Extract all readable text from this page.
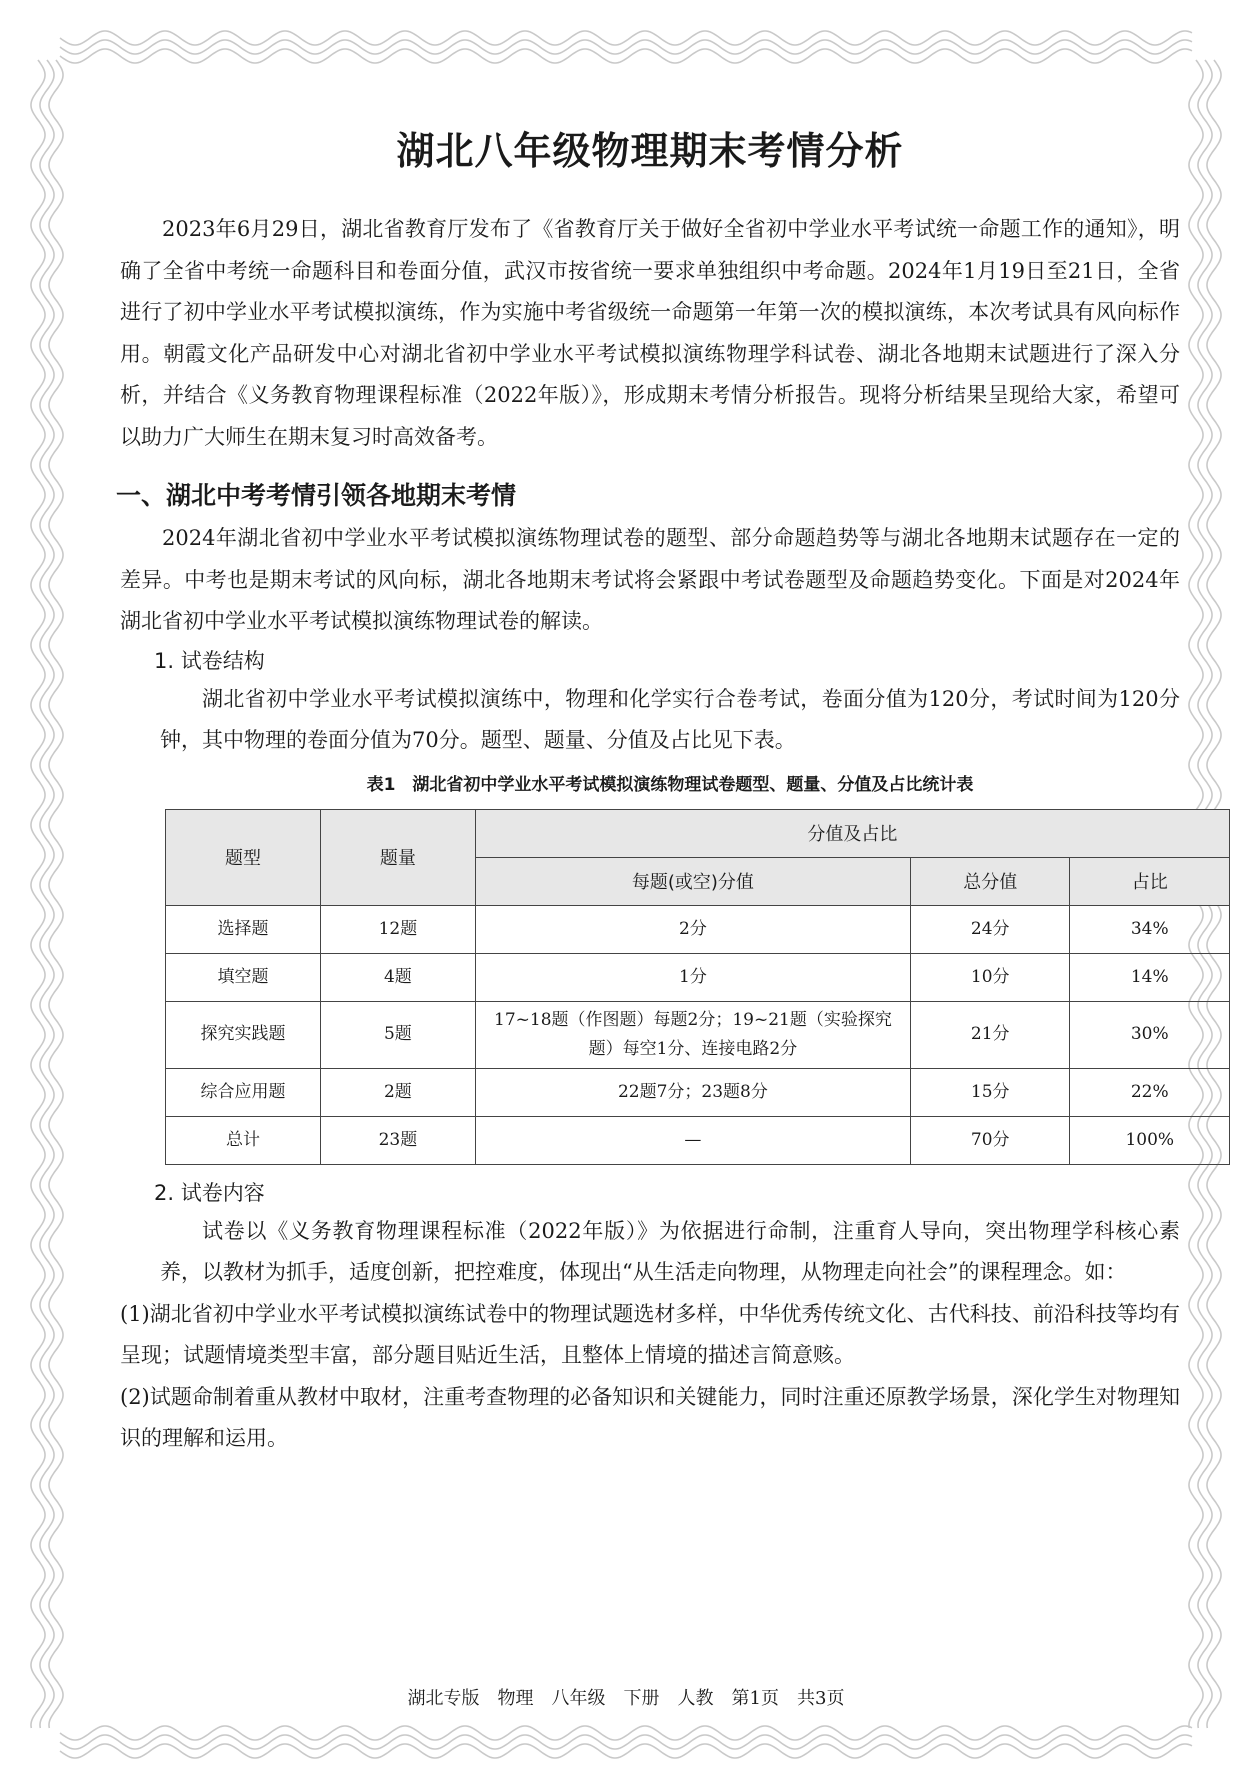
湖北八年级物理期末考情分析

2023年6月29日，湖北省教育厅发布了《省教育厅关于做好全省初中学业水平考试统一命题工作的通知》，明确了全省中考统一命题科目和卷面分值，武汉市按省统一要求单独组织中考命题。2024年1月19日至21日，全省进行了初中学业水平考试模拟演练，作为实施中考省级统一命题第一年第一次的模拟演练，本次考试具有风向标作用。朝霞文化产品研发中心对湖北省初中学业水平考试模拟演练物理学科试卷、湖北各地期末试题进行了深入分析，并结合《义务教育物理课程标准（2022年版）》，形成期末考情分析报告。现将分析结果呈现给大家，希望可以助力广大师生在期末复习时高效备考。

一、湖北中考考情引领各地期末考情

2024年湖北省初中学业水平考试模拟演练物理试卷的题型、部分命题趋势等与湖北各地期末试题存在一定的差异。中考也是期末考试的风向标，湖北各地期末考试将会紧跟中考试卷题型及命题趋势变化。下面是对2024年湖北省初中学业水平考试模拟演练物理试卷的解读。

1. 试卷结构

湖北省初中学业水平考试模拟演练中，物理和化学实行合卷考试，卷面分值为120分，考试时间为120分钟，其中物理的卷面分值为70分。题型、题量、分值及占比见下表。

表1　湖北省初中学业水平考试模拟演练物理试卷题型、题量、分值及占比统计表
题型	题量	分值及占比		
		每题(或空)分值	总分值	占比
选择题	12题	2分	24分	34%
填空题	4题	1分	10分	14%
探究实践题	5题	17~18题（作图题）每题2分；19~21题（实验探究题）每空1分、连接电路2分	21分	30%
综合应用题	2题	22题7分；23题8分	15分	22%
总计	23题	—	70分	100%
2. 试卷内容

试卷以《义务教育物理课程标准（2022年版）》为依据进行命制，注重育人导向，突出物理学科核心素养，以教材为抓手，适度创新，把控难度，体现出“从生活走向物理，从物理走向社会”的课程理念。如：

(1)湖北省初中学业水平考试模拟演练试卷中的物理试题选材多样，中华优秀传统文化、古代科技、前沿科技等均有呈现；试题情境类型丰富，部分题目贴近生活，且整体上情境的描述言简意赅。

(2)试题命制着重从教材中取材，注重考查物理的必备知识和关键能力，同时注重还原教学场景，深化学生对物理知识的理解和运用。

湖北专版　物理　八年级　下册　人教　第1页　共3页
